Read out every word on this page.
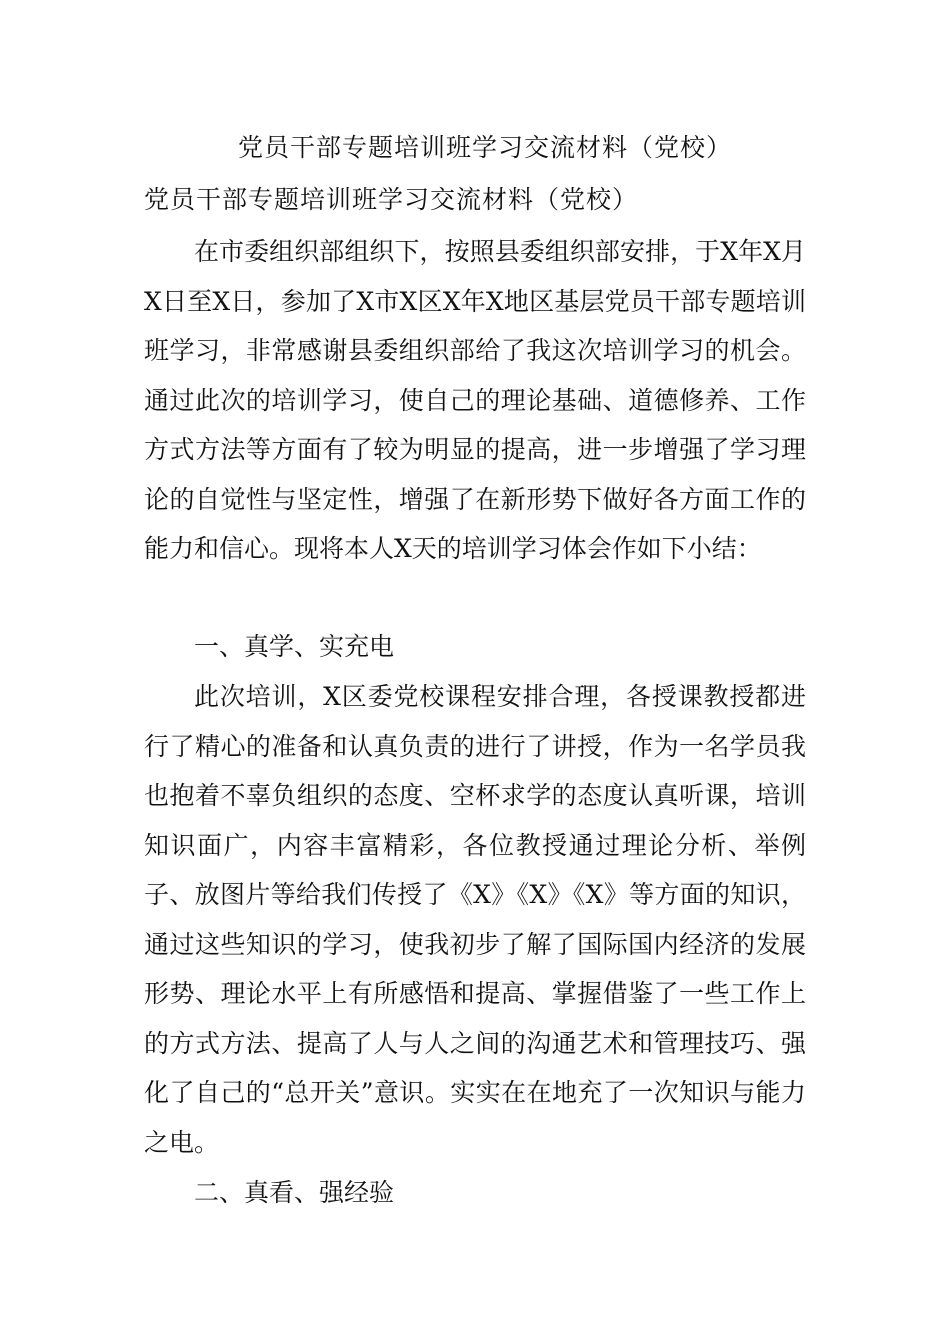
党员干部专题培训班学习交流材料（党校）
党员干部专题培训班学习交流材料（党校）

在市委组织部组织下，按照县委组织部安排，于X年X月X日至X日，参加了X市X区X年X地区基层党员干部专题培训班学习，非常感谢县委组织部给了我这次培训学习的机会。通过此次的培训学习，使自己的理论基础、道德修养、工作方式方法等方面有了较为明显的提高，进一步增强了学习理论的自觉性与坚定性，增强了在新形势下做好各方面工作的能力和信心。现将本人X天的培训学习体会作如下小结：

一、真学、实充电

此次培训，X区委党校课程安排合理，各授课教授都进行了精心的准备和认真负责的进行了讲授，作为一名学员我也抱着不辜负组织的态度、空杯求学的态度认真听课，培训知识面广，内容丰富精彩，各位教授通过理论分析、举例子、放图片等给我们传授了《X》《X》《X》等方面的知识，通过这些知识的学习，使我初步了解了国际国内经济的发展形势、理论水平上有所感悟和提高、掌握借鉴了一些工作上的方式方法、提高了人与人之间的沟通艺术和管理技巧、强化了自己的“总开关”意识。实实在在地充了一次知识与能力之电。

二、真看、强经验
